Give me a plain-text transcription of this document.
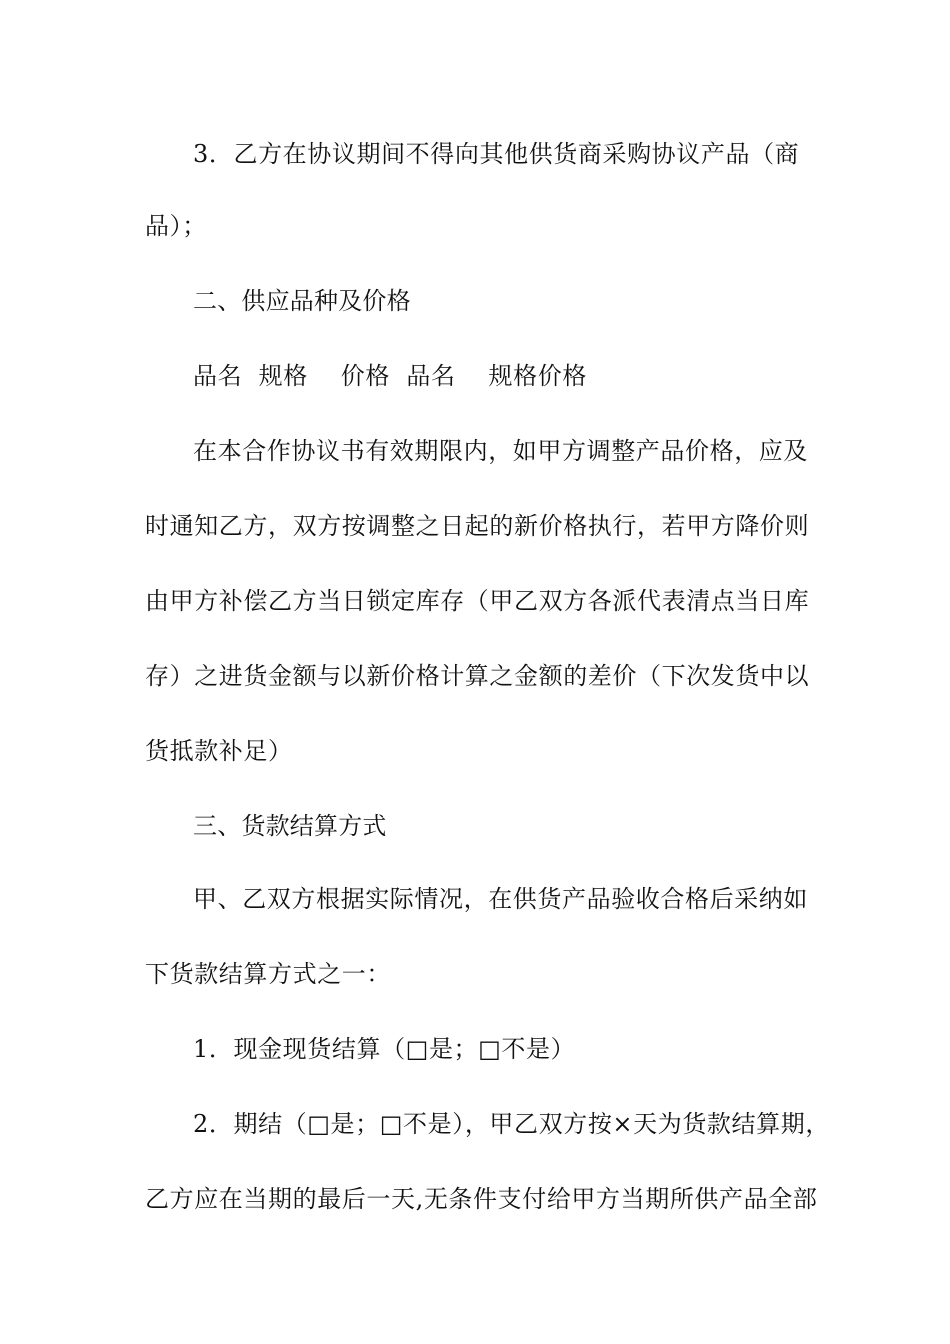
3．乙方在协议期间不得向其他供货商采购协议产品（商
品）；
二、供应品种及价格
品名  规格    价格  品名    规格价格
在本合作协议书有效期限内，如甲方调整产品价格，应及
时通知乙方，双方按调整之日起的新价格执行，若甲方降价则
由甲方补偿乙方当日锁定库存（甲乙双方各派代表清点当日库
存）之进货金额与以新价格计算之金额的差价（下次发货中以
货抵款补足）
三、货款结算方式
甲、乙双方根据实际情况，在供货产品验收合格后采纳如
下货款结算方式之一：
1．现金现货结算（□是；□不是）
2．期结（□是；□不是），甲乙双方按×天为货款结算期，
乙方应在当期的最后一天,无条件支付给甲方当期所供产品全部
